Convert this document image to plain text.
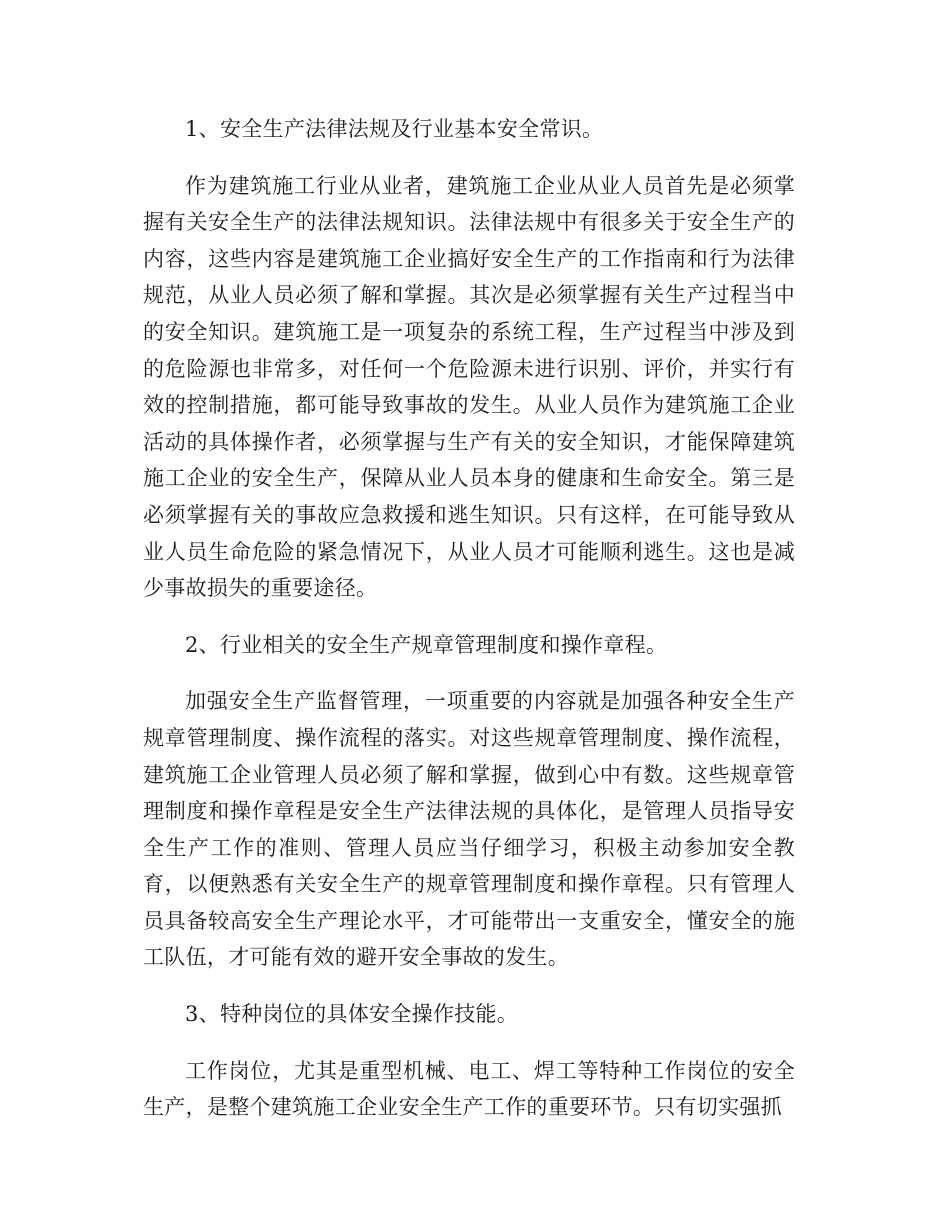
1、安全生产法律法规及行业基本安全常识。

作为建筑施工行业从业者，建筑施工企业从业人员首先是必须掌握有关安全生产的法律法规知识。法律法规中有很多关于安全生产的内容，这些内容是建筑施工企业搞好安全生产的工作指南和行为法律规范，从业人员必须了解和掌握。其次是必须掌握有关生产过程当中的安全知识。建筑施工是一项复杂的系统工程，生产过程当中涉及到的危险源也非常多，对任何一个危险源未进行识别、评价，并实行有效的控制措施，都可能导致事故的发生。从业人员作为建筑施工企业活动的具体操作者，必须掌握与生产有关的安全知识，才能保障建筑施工企业的安全生产，保障从业人员本身的健康和生命安全。第三是必须掌握有关的事故应急救援和逃生知识。只有这样，在可能导致从业人员生命危险的紧急情况下，从业人员才可能顺利逃生。这也是减少事故损失的重要途径。

2、行业相关的安全生产规章管理制度和操作章程。

加强安全生产监督管理，一项重要的内容就是加强各种安全生产规章管理制度、操作流程的落实。对这些规章管理制度、操作流程，建筑施工企业管理人员必须了解和掌握，做到心中有数。这些规章管理制度和操作章程是安全生产法律法规的具体化，是管理人员指导安全生产工作的准则、管理人员应当仔细学习，积极主动参加安全教育，以便熟悉有关安全生产的规章管理制度和操作章程。只有管理人员具备较高安全生产理论水平，才可能带出一支重安全，懂安全的施工队伍，才可能有效的避开安全事故的发生。

3、特种岗位的具体安全操作技能。

工作岗位，尤其是重型机械、电工、焊工等特种工作岗位的安全生产，是整个建筑施工企业安全生产工作的重要环节。只有切实强抓
